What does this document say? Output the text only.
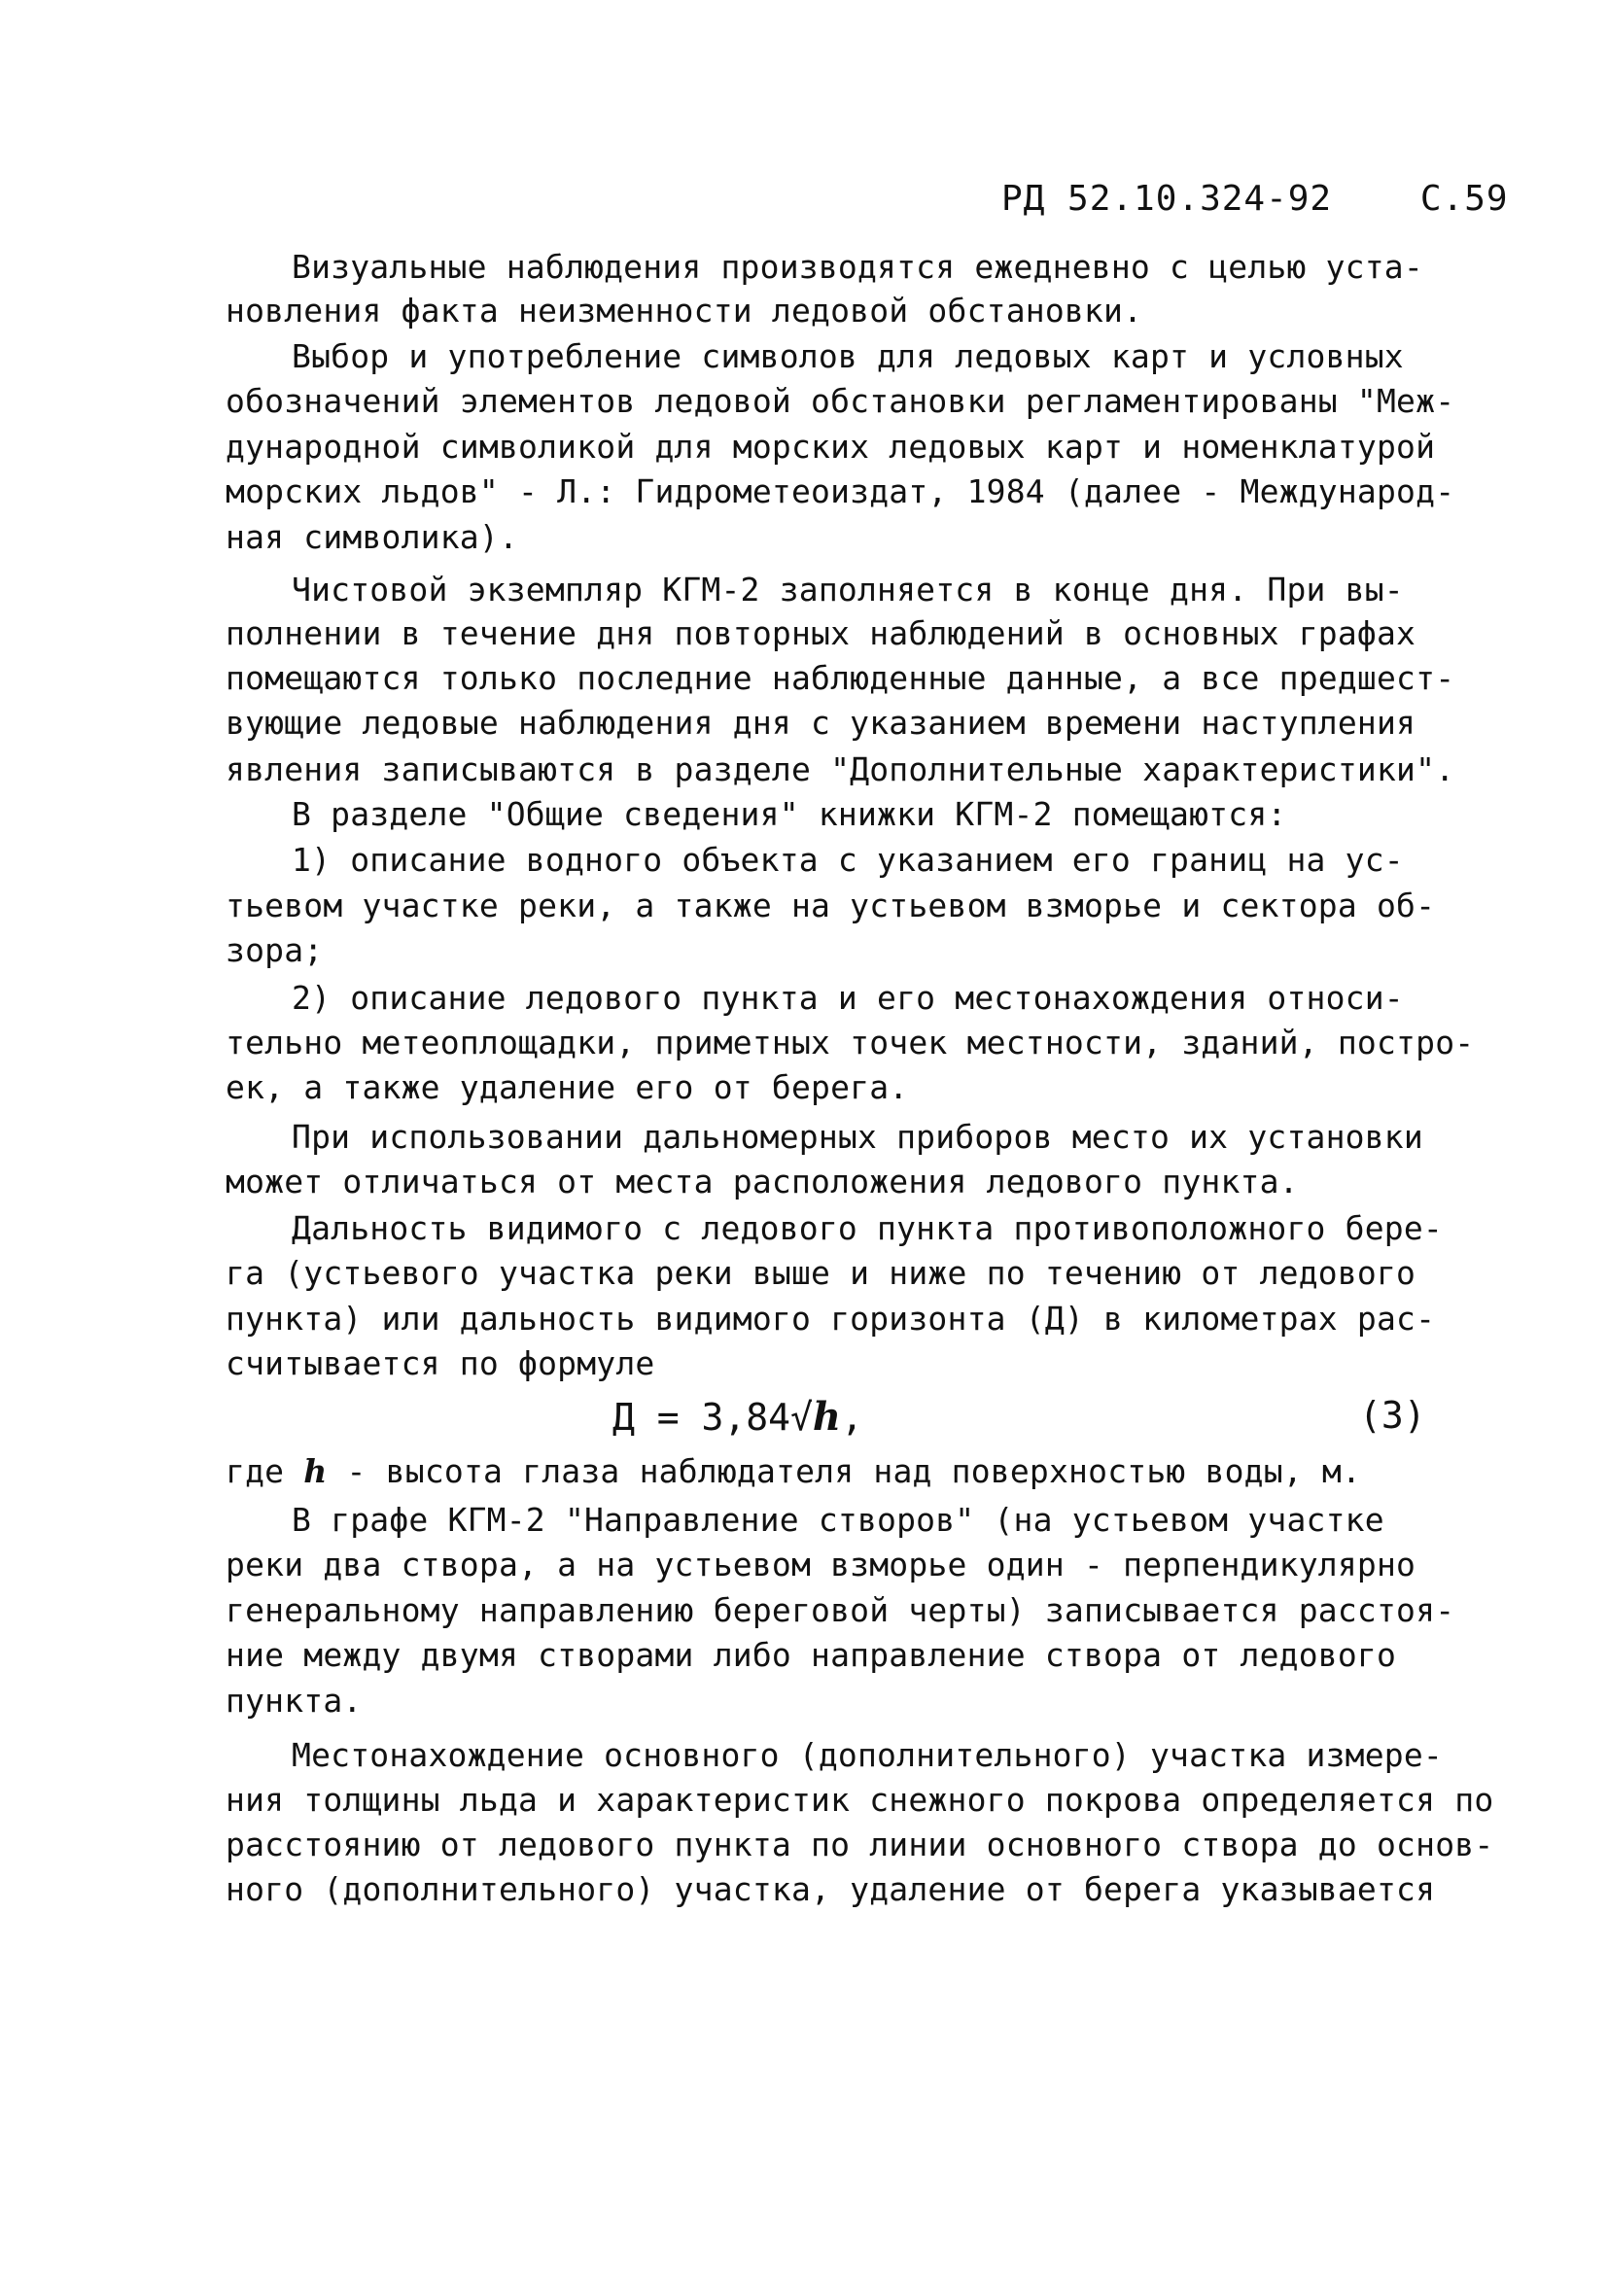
РД 52.10.324-92	С.59
Визуальные наблюдения производятся ежедневно с целью уста-
новления факта неизменности ледовой обстановки.
Выбор и употребление символов для ледовых карт и условных
обозначений элементов ледовой обстановки регламентированы "Меж-
дународной символикой для морских ледовых карт и номенклатурой
морских льдов" - Л.: Гидрометеоиздат, 1984 (далее - Международ-
ная символика).
Чистовой экземпляр КГМ-2 заполняется в конце дня. При вы-
полнении в течение дня повторных наблюдений в основных графах
помещаются только последние наблюденные данные, а все предшест-
вующие ледовые наблюдения дня с указанием времени наступления
явления записываются в разделе "Дополнительные характеристики".
В разделе "Общие сведения" книжки КГМ-2 помещаются:
1) описание водного объекта с указанием его границ на ус-
тьевом участке реки, а также на устьевом взморье и сектора об-
зора;
2) описание ледового пункта и его местонахождения относи-
тельно метеоплощадки, приметных точек местности, зданий, постро-
ек, а также удаление его от берега.
При использовании дальномерных приборов место их установки
может отличаться от места расположения ледового пункта.
Дальность видимого с ледового пункта противоположного бере-
га (устьевого участка реки выше и ниже по течению от ледового
пункта) или дальность видимого горизонта (Д) в километрах рас-
считывается по формуле
Д = 3,84√h,	(3)
где h - высота глаза наблюдателя над поверхностью воды, м.
В графе КГМ-2 "Направление створов" (на устьевом участке
реки два створа, а на устьевом взморье один - перпендикулярно
генеральному направлению береговой черты) записывается расстоя-
ние между двумя створами либо направление створа от ледового
пункта.
Местонахождение основного (дополнительного) участка измере-
ния толщины льда и характеристик снежного покрова определяется по
расстоянию от ледового пункта по линии основного створа до основ-
ного (дополнительного) участка, удаление от берега указывается
